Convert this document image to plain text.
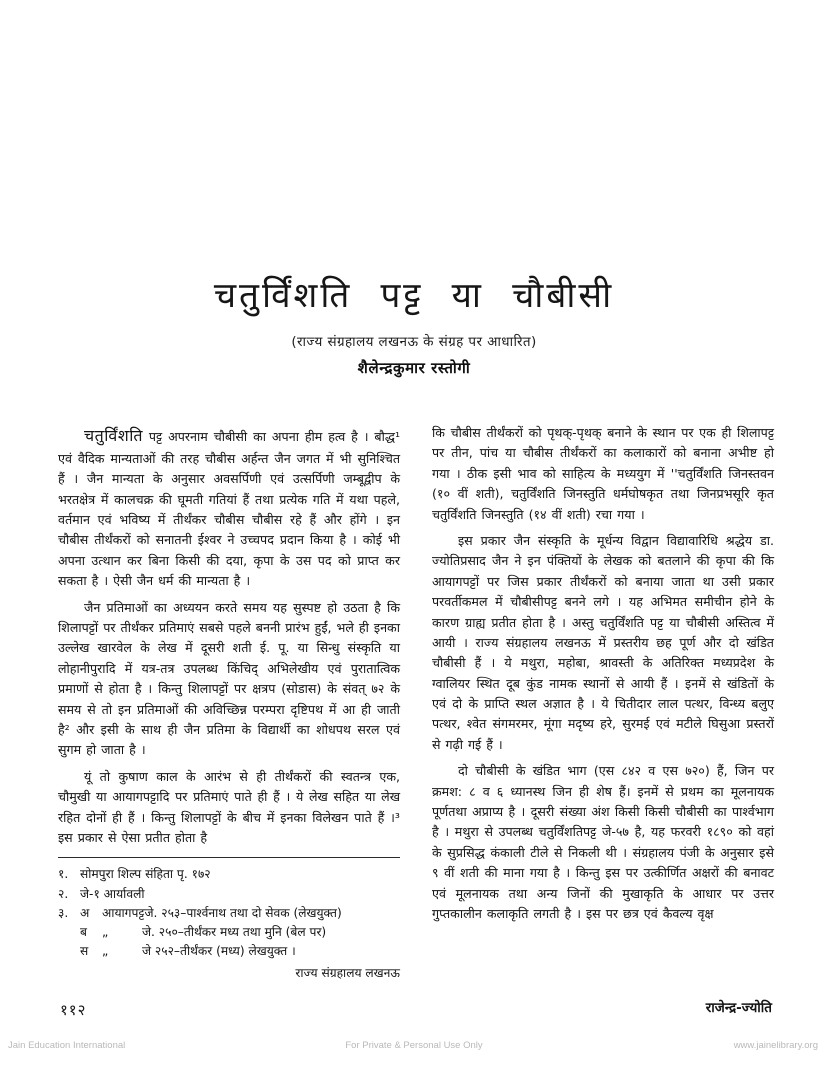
चतुर्विंशति पट्ट या चौबीसी
(राज्य संग्रहालय लखनऊ के संग्रह पर आधारित)
शैलेन्द्रकुमार रस्तोगी

चतुर्विंशति पट्ट अपरनाम चौबीसी का अपना हीम हत्व है । बौद्ध¹ एवं वैदिक मान्यताओं की तरह चौबीस अर्हन्त जैन जगत में भी सुनिश्चित हैं । जैन मान्यता के अनुसार अवसर्पिणी एवं उत्सर्पिणी जम्बूद्वीप के भरतक्षेत्र में कालचक्र की घूमती गतियां हैं तथा प्रत्येक गति में यथा पहले, वर्तमान एवं भविष्य में तीर्थंकर चौबीस चौबीस रहे हैं और होंगे । इन चौबीस तीर्थंकरों को सनातनी ईश्वर ने उच्चपद प्रदान किया है । कोई भी अपना उत्थान कर बिना किसी की दया, कृपा के उस पद को प्राप्त कर सकता है । ऐसी जैन धर्म की मान्यता है ।

जैन प्रतिमाओं का अध्ययन करते समय यह सुस्पष्ट हो उठता है कि शिलापट्टों पर तीर्थंकर प्रतिमाएं सबसे पहले बननी प्रारंभ हुईं, भले ही इनका उल्लेख खारवेल के लेख में दूसरी शती ई. पू. या सिन्धु संस्कृति या लोहानीपुरादि में यत्र-तत्र उपलब्ध किंचिद् अभिलेखीय एवं पुरातात्विक प्रमाणों से होता है । किन्तु शिलापट्टों पर क्षत्रप (सोडास) के संवत् ७२ के समय से तो इन प्रतिमाओं की अविच्छिन्न परम्परा दृष्टिपथ में आ ही जाती है² और इसी के साथ ही जैन प्रतिमा के विद्यार्थी का शोधपथ सरल एवं सुगम हो जाता है ।

यूं तो कुषाण काल के आरंभ से ही तीर्थंकरों की स्वतन्त्र एक, चौमुखी या आयागपट्टादि पर प्रतिमाएं पाते ही हैं । ये लेख सहित या लेख रहित दोनों ही हैं । किन्तु शिलापट्टों के बीच में इनका विलेखन पाते हैं ।³ इस प्रकार से ऐसा प्रतीत होता है

१. सोमपुरा शिल्प संहिता पृ. १७२
२. जे-१ आर्यावली
३. अ	आयागपट्ट जे. २५३–पार्श्वनाथ तथा दो सेवक (लेखयुक्त)
ब	„	जे. २५०–तीर्थंकर मध्य तथा मुनि (बेल पर)
स	„	जे २५२–तीर्थंकर (मध्य) लेखयुक्त ।
राज्य संग्रहालय लखनऊ

कि चौबीस तीर्थंकरों को पृथक्-पृथक् बनाने के स्थान पर एक ही शिलापट्ट पर तीन, पांच या चौबीस तीर्थंकरों का कलाकारों को बनाना अभीष्ट हो गया । ठीक इसी भाव को साहित्य के मध्ययुग में ''चतुर्विंशति जिनस्तवन (१० वीं शती), चतुर्विंशति जिनस्तुति धर्मघोषकृत तथा जिनप्रभसूरि कृत चतुर्विंशति जिनस्तुति (१४ वीं शती) रचा गया ।

इस प्रकार जैन संस्कृति के मूर्धन्य विद्वान विद्यावारिधि श्रद्धेय डा. ज्योतिप्रसाद जैन ने इन पंक्तियों के लेखक को बतलाने की कृपा की कि आयागपट्टों पर जिस प्रकार तीर्थंकरों को बनाया जाता था उसी प्रकार परवर्तीकमल में चौबीसीपट्ट बनने लगे । यह अभिमत समीचीन होने के कारण ग्राह्य प्रतीत होता है । अस्तु चतुर्विंशति पट्ट या चौबीसी अस्तित्व में आयी । राज्य संग्रहालय लखनऊ में प्रस्तरीय छह पूर्ण और दो खंडित चौबीसी हैं । ये मथुरा, महोबा, श्रावस्ती के अतिरिक्त मध्यप्रदेश के ग्वालियर स्थित दूब कुंड नामक स्थानों से आयी हैं । इनमें से खंडितों के एवं दो के प्राप्ति स्थल अज्ञात है । ये चितीदार लाल पत्थर, विन्ध्य बलुए पत्थर, श्वेत संगमरमर, मूंगा मदृष्य हरे, सुरमई एवं मटीले घिसुआ प्रस्तरों से गढ़ी गई हैं ।

दो चौबीसी के खंडित भाग (एस ८४२ व एस ७२०) हैं, जिन पर क्रमश: ८ व ६ ध्यानस्थ जिन ही शेष हैं। इनमें से प्रथम का मूलनायक पूर्णतथा अप्राप्य है । दूसरी संख्या अंश किसी किसी चौबीसी का पार्श्वभाग है । मथुरा से उपलब्ध चतुर्विंशतिपट्ट जे-५७ है, यह फरवरी १८९० को वहां के सुप्रसिद्ध कंकाली टीले से निकली थी । संग्रहालय पंजी के अनुसार इसे ९ वीं शती की माना गया है । किन्तु इस पर उत्कीर्णित अक्षरों की बनावट एवं मूलनायक तथा अन्य जिनों की मुखाकृति के आधार पर उत्तर गुप्तकालीन कलाकृति लगती है । इस पर छत्र एवं कैवल्य वृक्ष

११२	राजेन्द्र-ज्योति
Jain Education International	For Private & Personal Use Only	www.jainelibrary.org
